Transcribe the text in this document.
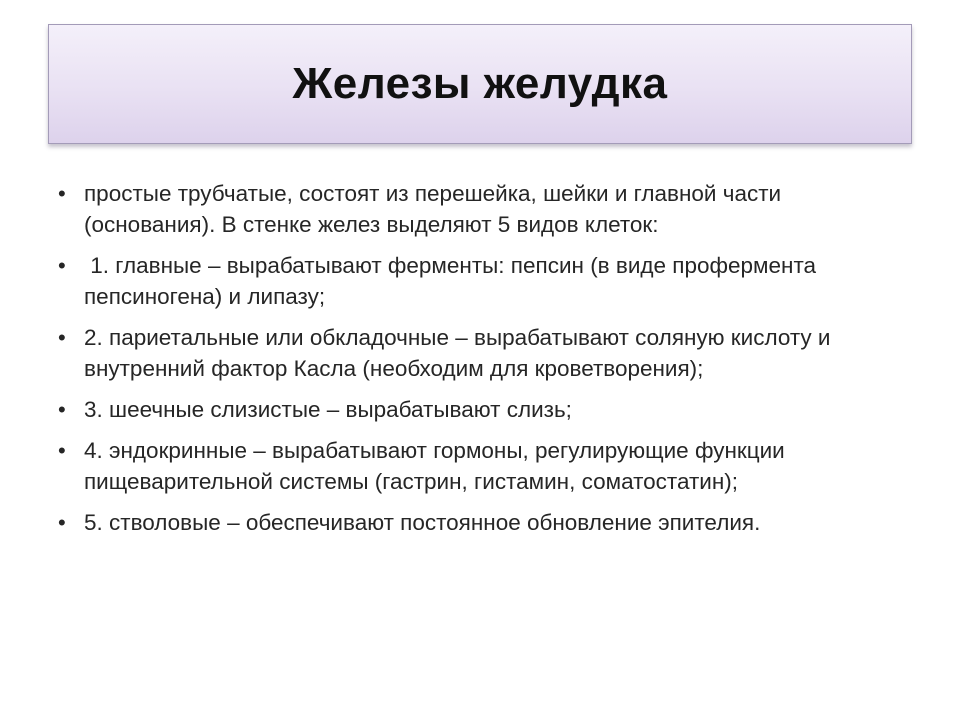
Железы желудка
• простые трубчатые, состоят из перешейка, шейки и главной части (основания). В стенке желез выделяют 5 видов клеток:
• 1. главные – вырабатывают ферменты: пепсин (в виде профермента пепсиногена) и липазу;
• 2. париетальные или обкладочные – вырабатывают соляную кислоту и внутренний фактор Касла (необходим для кроветворения);
• 3. шеечные слизистые – вырабатывают слизь;
• 4. эндокринные – вырабатывают гормоны, регулирующие функции пищеварительной системы (гастрин, гистамин, соматостатин);
• 5. стволовые – обеспечивают постоянное обновление эпителия.
